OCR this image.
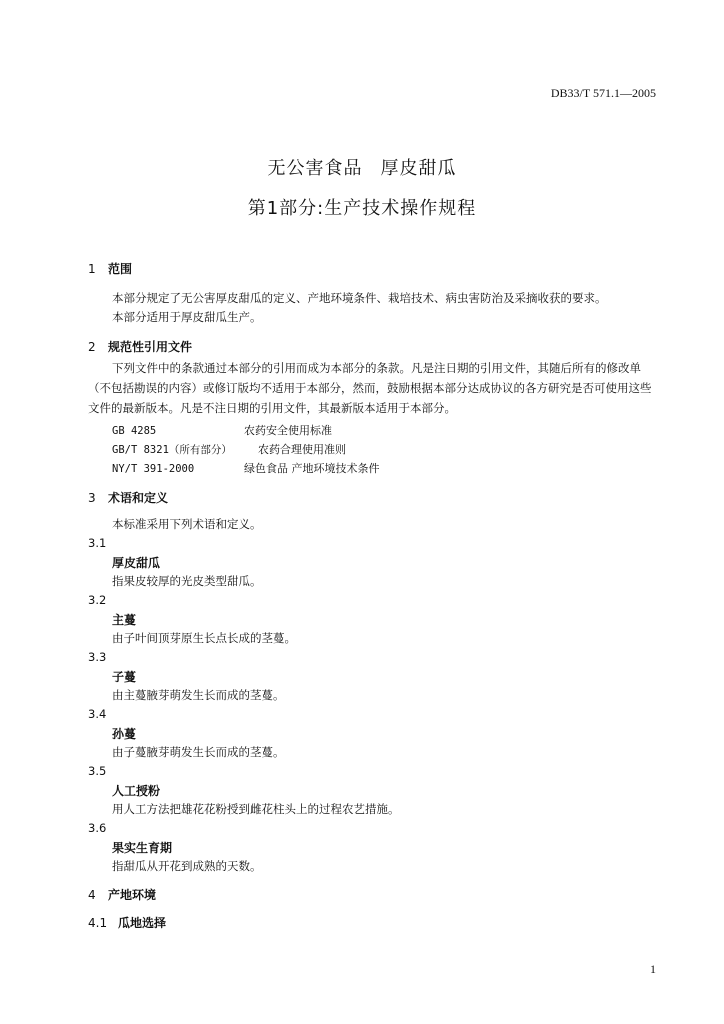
DB33/T 571.1—2005
无公害食品 厚皮甜瓜
第1部分:生产技术操作规程
1 范围
本部分规定了无公害厚皮甜瓜的定义、产地环境条件、栽培技术、病虫害防治及采摘收获的要求。
本部分适用于厚皮甜瓜生产。
2 规范性引用文件
下列文件中的条款通过本部分的引用而成为本部分的条款。凡是注日期的引用文件，其随后所有的修改单（不包括勘误的内容）或修订版均不适用于本部分，然而，鼓励根据本部分达成协议的各方研究是否可使用这些文件的最新版本。凡是不注日期的引用文件，其最新版本适用于本部分。
GB 4285	农药安全使用标准
GB/T 8321（所有部分） 农药合理使用准则
NY/T 391-2000	绿色食品 产地环境技术条件
3 术语和定义
本标准采用下列术语和定义。
3.1
厚皮甜瓜
指果皮较厚的光皮类型甜瓜。
3.2
主蔓
由子叶间顶芽原生长点长成的茎蔓。
3.3
子蔓
由主蔓腋芽萌发生长而成的茎蔓。
3.4
孙蔓
由子蔓腋芽萌发生长而成的茎蔓。
3.5
人工授粉
用人工方法把雄花花粉授到雌花柱头上的过程农艺措施。
3.6
果实生育期
指甜瓜从开花到成熟的天数。
4 产地环境
4.1 瓜地选择
1
